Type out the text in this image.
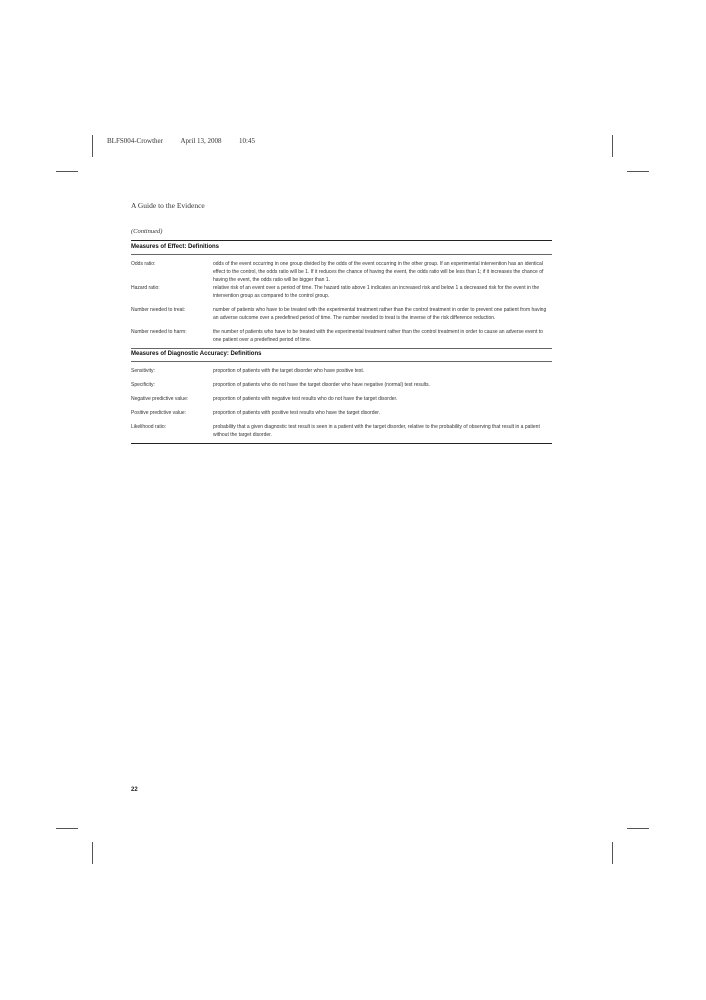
BLFS004-Crowther	April 13, 2008	10:45
A Guide to the Evidence
(Continued)
Measures of Effect: Definitions
Odds ratio:	odds of the event occurring in one group divided by the odds of the event occurring in the other group. If an experimental intervention has an identical effect to the control, the odds ratio will be 1. If it reduces the chance of having the event, the odds ratio will be less than 1; if it increases the chance of having the event, the odds ratio will be bigger than 1.
Hazard ratio:	relative risk of an event over a period of time. The hazard ratio above 1 indicates an increased risk and below 1 a decreased risk for the event in the intervention group as compared to the control group.
Number needed to treat:	number of patients who have to be treated with the experimental treatment rather than the control treatment in order to prevent one patient from having an adverse outcome over a predefined period of time. The number needed to treat is the inverse of the risk difference reduction.
Number needed to harm:	the number of patients who have to be treated with the experimental treatment rather than the control treatment in order to cause an adverse event to one patient over a predefined period of time.
Measures of Diagnostic Accuracy: Definitions
Sensitivity:	proportion of patients with the target disorder who have positive test.
Specificity:	proportion of patients who do not have the target disorder who have negative (normal) test results.
Negative predictive value:	proportion of patients with negative test results who do not have the target disorder.
Positive predictive value:	proportion of patients with positive test results who have the target disorder.
Likelihood ratio:	probability that a given diagnostic test result is seen in a patient with the target disorder, relative to the probability of observing that result in a patient without the target disorder.
22
